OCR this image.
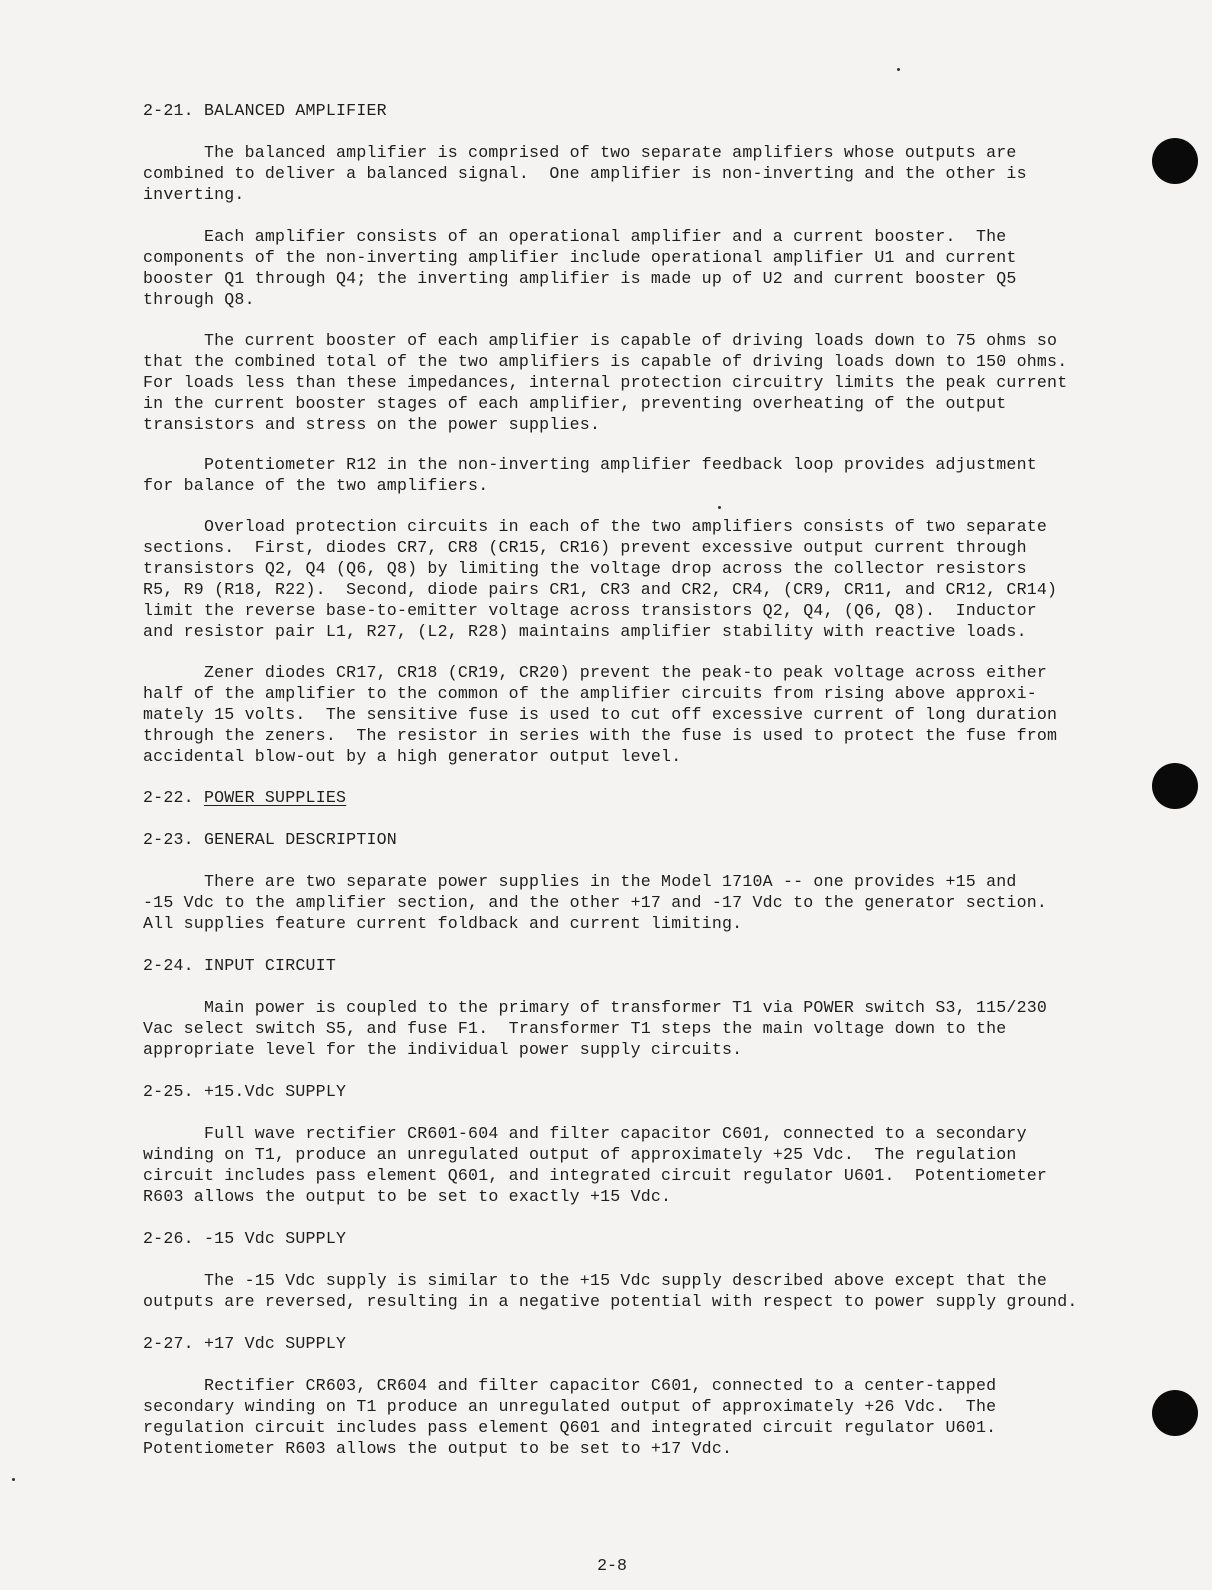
2-21. BALANCED AMPLIFIER

The balanced amplifier is comprised of two separate amplifiers whose outputs are

combined to deliver a balanced signal.  One amplifier is non-inverting and the other is

inverting.

Each amplifier consists of an operational amplifier and a current booster.  The

components of the non-inverting amplifier include operational amplifier U1 and current

booster Q1 through Q4; the inverting amplifier is made up of U2 and current booster Q5

through Q8.

The current booster of each amplifier is capable of driving loads down to 75 ohms so

that the combined total of the two amplifiers is capable of driving loads down to 150 ohms.

For loads less than these impedances, internal protection circuitry limits the peak current

in the current booster stages of each amplifier, preventing overheating of the output

transistors and stress on the power supplies.

Potentiometer R12 in the non-inverting amplifier feedback loop provides adjustment

for balance of the two amplifiers.

Overload protection circuits in each of the two amplifiers consists of two separate

sections.  First, diodes CR7, CR8 (CR15, CR16) prevent excessive output current through

transistors Q2, Q4 (Q6, Q8) by limiting the voltage drop across the collector resistors

R5, R9 (R18, R22).  Second, diode pairs CR1, CR3 and CR2, CR4, (CR9, CR11, and CR12, CR14)

limit the reverse base-to-emitter voltage across transistors Q2, Q4, (Q6, Q8).  Inductor

and resistor pair L1, R27, (L2, R28) maintains amplifier stability with reactive loads.

Zener diodes CR17, CR18 (CR19, CR20) prevent the peak-to peak voltage across either

half of the amplifier to the common of the amplifier circuits from rising above approxi-

mately 15 volts.  The sensitive fuse is used to cut off excessive current of long duration

through the zeners.  The resistor in series with the fuse is used to protect the fuse from

accidental blow-out by a high generator output level.

2-22. POWER SUPPLIES
2-23. GENERAL DESCRIPTION

There are two separate power supplies in the Model 1710A -- one provides +15 and

-15 Vdc to the amplifier section, and the other +17 and -17 Vdc to the generator section.

All supplies feature current foldback and current limiting.

2-24. INPUT CIRCUIT

Main power is coupled to the primary of transformer T1 via POWER switch S3, 115/230

Vac select switch S5, and fuse F1.  Transformer T1 steps the main voltage down to the

appropriate level for the individual power supply circuits.

2-25. +15.Vdc SUPPLY

Full wave rectifier CR601-604 and filter capacitor C601, connected to a secondary

winding on T1, produce an unregulated output of approximately +25 Vdc.  The regulation

circuit includes pass element Q601, and integrated circuit regulator U601.  Potentiometer

R603 allows the output to be set to exactly +15 Vdc.

2-26. -15 Vdc SUPPLY

The -15 Vdc supply is similar to the +15 Vdc supply described above except that the

outputs are reversed, resulting in a negative potential with respect to power supply ground.

2-27. +17 Vdc SUPPLY

Rectifier CR603, CR604 and filter capacitor C601, connected to a center-tapped

secondary winding on T1 produce an unregulated output of approximately +26 Vdc.  The

regulation circuit includes pass element Q601 and integrated circuit regulator U601.

Potentiometer R603 allows the output to be set to +17 Vdc.

2-8
